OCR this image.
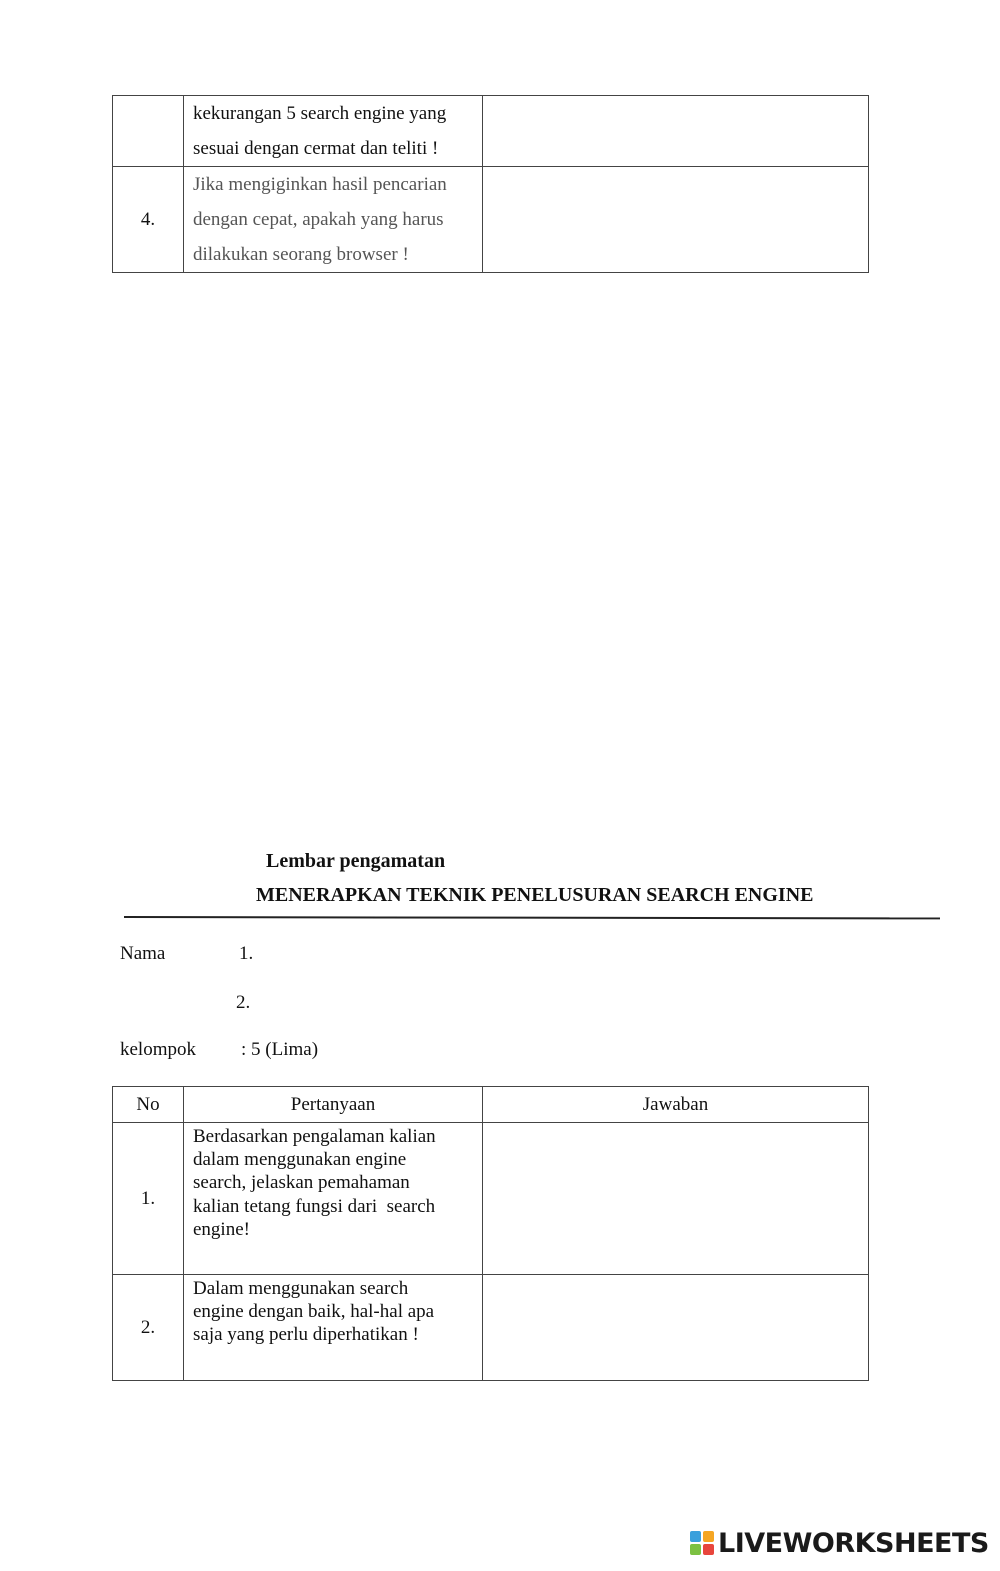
	kekurangan 5 search engine yang
sesuai dengan cermat dan teliti !	

4.	Jika mengiginkan hasil pencarian
dengan cepat, apakah yang harus
dilakukan seorang browser !	

Lembar pengamatan
MENERAPKAN TEKNIK PENELUSURAN SEARCH ENGINE
Nama	1.
2.
kelompok : 5 (Lima)
No	Pertanyaan	Jawaban
1.	Berdasarkan pengalaman kalian
dalam menggunakan engine
search, jelaskan pemahaman
kalian tetang fungsi dari  search
engine!	

2.	Dalam menggunakan search
engine dengan baik, hal-hal apa
saja yang perlu diperhatikan !	

LIVEWORKSHEETS
